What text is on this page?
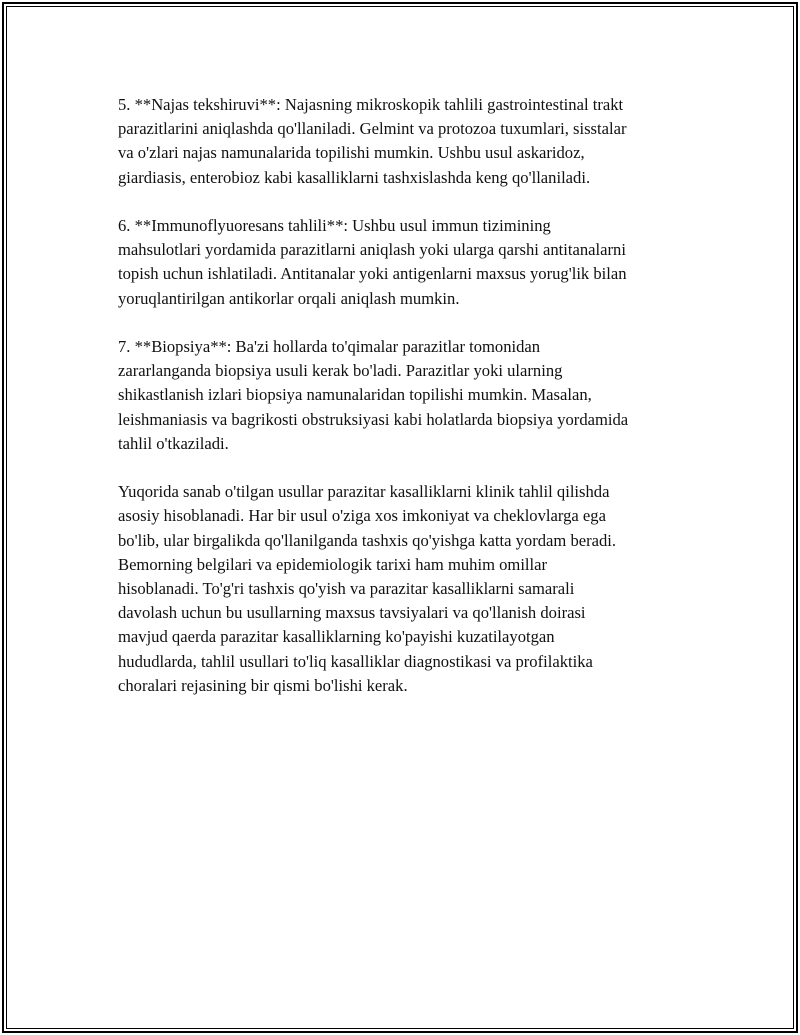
5. **Najas tekshiruvi**: Najasning mikroskopik tahlili gastrointestinal trakt
parazitlarini aniqlashda qo'llaniladi. Gelmint va protozoa tuxumlari, sisstalar
va o'zlari najas namunalarida topilishi mumkin. Ushbu usul askaridoz,
giardiasis, enterobioz kabi kasalliklarni tashxislashda keng qo'llaniladi.

6. **Immunoflyuoresans tahlili**: Ushbu usul immun tizimining
mahsulotlari yordamida parazitlarni aniqlash yoki ularga qarshi antitanalarni
topish uchun ishlatiladi. Antitanalar yoki antigenlarni maxsus yorug'lik bilan
yoruqlantirilgan antikorlar orqali aniqlash mumkin.

7. **Biopsiya**: Ba'zi hollarda to'qimalar parazitlar tomonidan
zararlanganda biopsiya usuli kerak bo'ladi. Parazitlar yoki ularning
shikastlanish izlari biopsiya namunalaridan topilishi mumkin. Masalan,
leishmaniasis va bagrikosti obstruksiyasi kabi holatlarda biopsiya yordamida
tahlil o'tkaziladi.

Yuqorida sanab o'tilgan usullar parazitar kasalliklarni klinik tahlil qilishda
asosiy hisoblanadi. Har bir usul o'ziga xos imkoniyat va cheklovlarga ega
bo'lib, ular birgalikda qo'llanilganda tashxis qo'yishga katta yordam beradi.
Bemorning belgilari va epidemiologik tarixi ham muhim omillar
hisoblanadi. To'g'ri tashxis qo'yish va parazitar kasalliklarni samarali
davolash uchun bu usullarning maxsus tavsiyalari va qo'llanish doirasi
mavjud qaerda parazitar kasalliklarning ko'payishi kuzatilayotgan
hududlarda, tahlil usullari to'liq kasalliklar diagnostikasi va profilaktika
choralari rejasining bir qismi bo'lishi kerak.
